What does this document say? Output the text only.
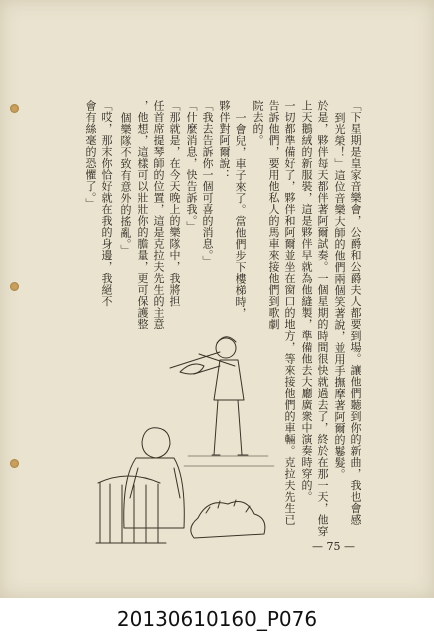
「下星期是皇家音樂會，公爵和公爵夫人都要到場。讓他們聽到你的新曲，我也會感
到光榮！」這位音樂大師的他們兩個笑著說，並用手撫摩著阿爾的鬈髮。
於是，夥伴每天都伴著阿爾試奏。一個星期的時間很快就過去了，終於在那一天，他穿
上天鵝絨的新服裝，這是夥伴早就為他縫製，準備他去大廳廣衆中演奏時穿的。
一切都準備好了，夥伴和阿爾並坐在窗口的地方，等來接他們的車輛。克拉夫先生已
告訴他們，要用他私人的馬車來接他們到歌劇
院去的。
一會兒，車子來了。當他們步下樓梯時，
夥伴對阿爾說：
「我去告訴你一個可喜的消息。」
「什麼消息，快告訴我。」
「那就是，在今天晚上的樂隊中，我將担
任首席提琴師的位置，這是克拉夫先生的主意
，他想，這樣可以壯壯你的膽量，更可保護整
個樂隊不致有意外的搖亂。」
「哎，那末你恰好就在我的身邊，我絕不
會有絲毫的恐懼了。」
— 75 —
20130610160_P076
